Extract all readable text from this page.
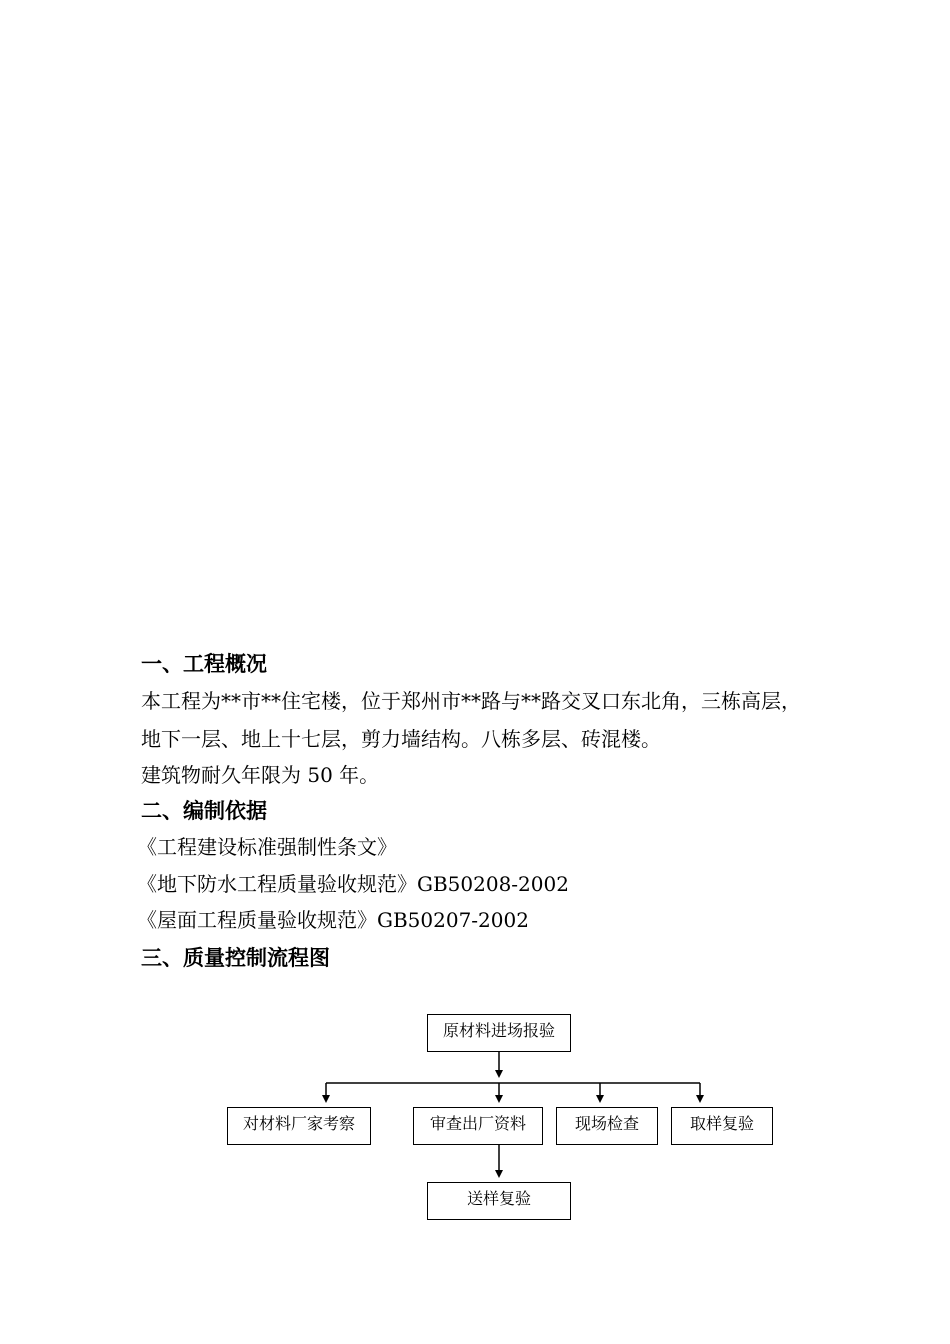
一、工程概况
本工程为**市**住宅楼，位于郑州市**路与**路交叉口东北角，三栋高层，
地下一层、地上十七层，剪力墙结构。八栋多层、砖混楼。
建筑物耐久年限为 50 年。
二、编制依据
《工程建设标准强制性条文》
《地下防水工程质量验收规范》GB50208-2002
《屋面工程质量验收规范》GB50207-2002
三、质量控制流程图
原材料进场报验
对材料厂家考察	审查出厂资料	现场检查	取样复验
送样复验
